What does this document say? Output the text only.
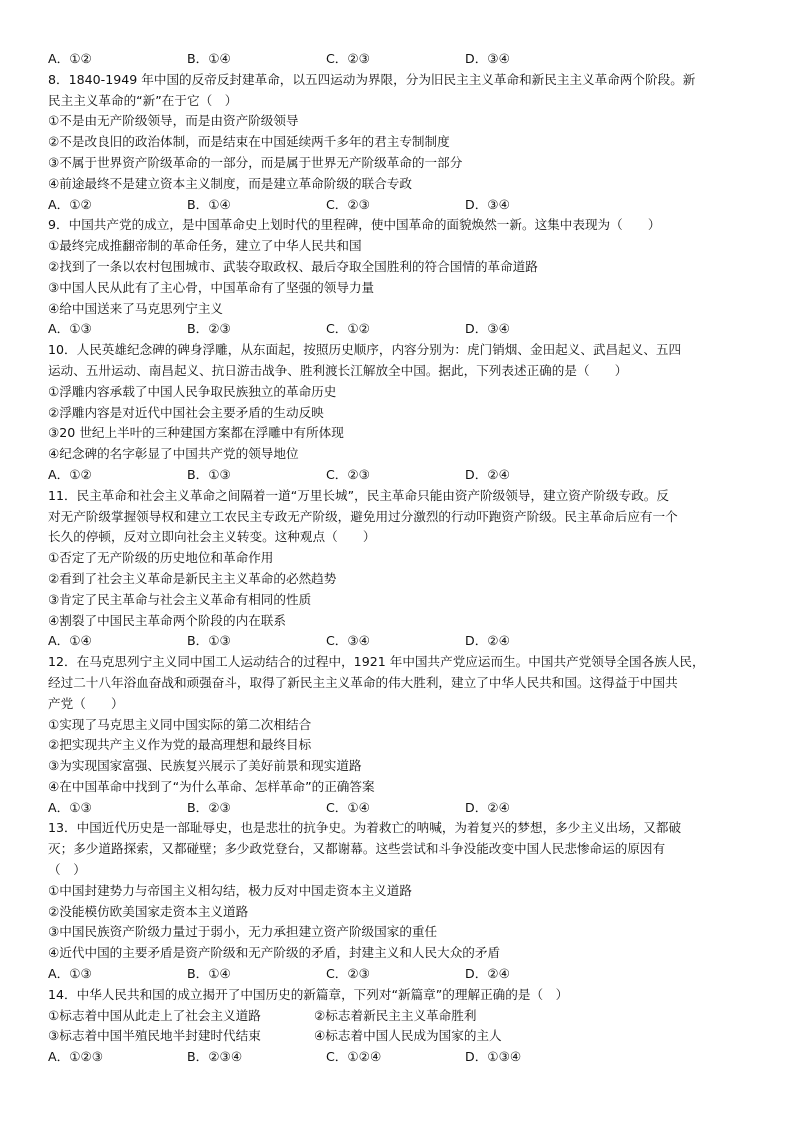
A．①②	B．①④	C．②③	D．③④
8．1840-1949 年中国的反帝反封建革命，以五四运动为界限，分为旧民主主义革命和新民主主义革命两个阶段。新
民主主义革命的“新”在于它（　）
①不是由无产阶级领导，而是由资产阶级领导
②不是改良旧的政治体制，而是结束在中国延续两千多年的君主专制制度
③不属于世界资产阶级革命的一部分，而是属于世界无产阶级革命的一部分
④前途最终不是建立资本主义制度，而是建立革命阶级的联合专政
A．①②	B．①④	C．②③	D．③④
9．中国共产党的成立，是中国革命史上划时代的里程碑，使中国革命的面貌焕然一新。这集中表现为（　　）
①最终完成推翻帝制的革命任务，建立了中华人民共和国
②找到了一条以农村包围城市、武装夺取政权、最后夺取全国胜利的符合国情的革命道路
③中国人民从此有了主心骨，中国革命有了坚强的领导力量
④给中国送来了马克思列宁主义
A．①③	B．②③	C．①②	D．③④
10．人民英雄纪念碑的碑身浮雕，从东面起，按照历史顺序，内容分别为：虎门销烟、金田起义、武昌起义、五四
运动、五卅运动、南昌起义、抗日游击战争、胜利渡长江解放全中国。据此，下列表述正确的是（　　）
①浮雕内容承载了中国人民争取民族独立的革命历史
②浮雕内容是对近代中国社会主要矛盾的生动反映
③20 世纪上半叶的三种建国方案都在浮雕中有所体现
④纪念碑的名字彰显了中国共产党的领导地位
A．①②	B．①③	C．②③	D．②④
11．民主革命和社会主义革命之间隔着一道“万里长城”，民主革命只能由资产阶级领导，建立资产阶级专政。反
对无产阶级掌握领导权和建立工农民主专政无产阶级，避免用过分激烈的行动吓跑资产阶级。民主革命后应有一个
长久的停顿，反对立即向社会主义转变。这种观点（　　）
①否定了无产阶级的历史地位和革命作用
②看到了社会主义革命是新民主主义革命的必然趋势
③肯定了民主革命与社会主义革命有相同的性质
④割裂了中国民主革命两个阶段的内在联系
A．①④	B．①③	C．③④	D．②④
12．在马克思列宁主义同中国工人运动结合的过程中，1921 年中国共产党应运而生。中国共产党领导全国各族人民，
经过二十八年浴血奋战和顽强奋斗，取得了新民主主义革命的伟大胜利，建立了中华人民共和国。这得益于中国共
产党（　　）
①实现了马克思主义同中国实际的第二次相结合
②把实现共产主义作为党的最高理想和最终目标
③为实现国家富强、民族复兴展示了美好前景和现实道路
④在中国革命中找到了“为什么革命、怎样革命”的正确答案
A．①③	B．②③	C．①④	D．②④
13．中国近代历史是一部耻辱史，也是悲壮的抗争史。为着救亡的呐喊，为着复兴的梦想，多少主义出场，又都破
灭；多少道路探索，又都碰壁；多少政党登台，又都谢幕。这些尝试和斗争没能改变中国人民悲惨命运的原因有
（　）
①中国封建势力与帝国主义相勾结，极力反对中国走资本主义道路
②没能模仿欧美国家走资本主义道路
③中国民族资产阶级力量过于弱小，无力承担建立资产阶级国家的重任
④近代中国的主要矛盾是资产阶级和无产阶级的矛盾，封建主义和人民大众的矛盾
A．①③	B．①④	C．②③	D．②④
14．中华人民共和国的成立揭开了中国历史的新篇章，下列对“新篇章”的理解正确的是（　）
①标志着中国从此走上了社会主义道路	②标志着新民主主义革命胜利
③标志着中国半殖民地半封建时代结束	④标志着中国人民成为国家的主人
A．①②③	B．②③④	C．①②④	D．①③④
